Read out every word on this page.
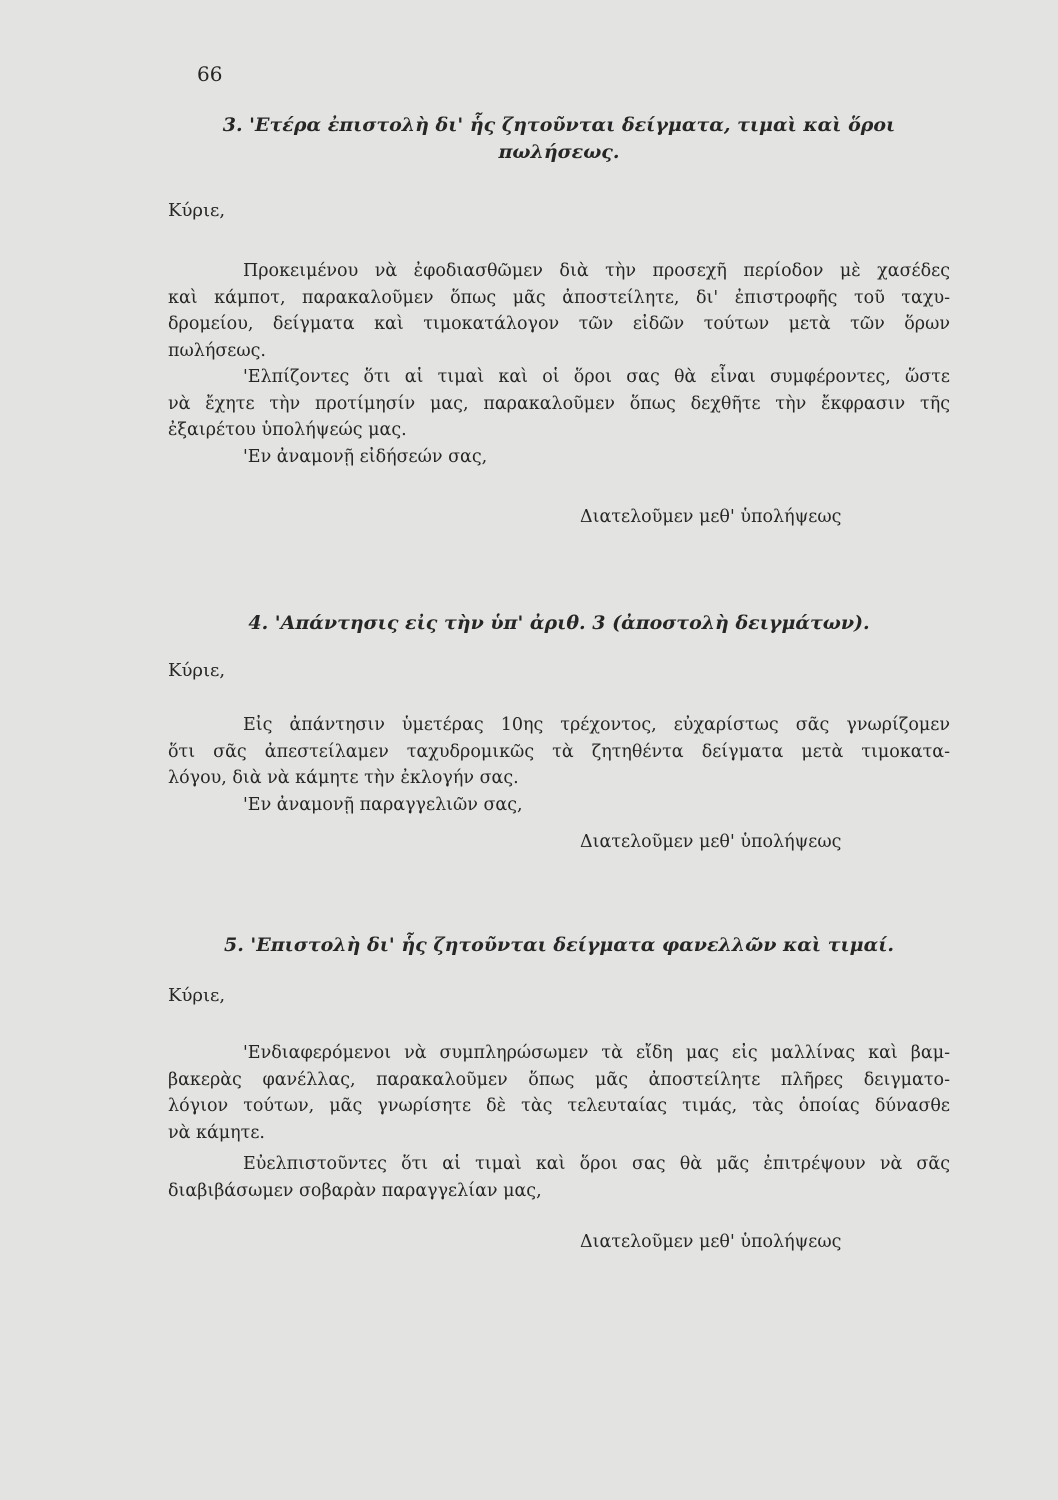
66
3. 'Ετέρα ἐπιστολὴ δι' ἧς ζητοῦνται δείγματα, τιμαὶ καὶ ὅροι
πωλήσεως.
Κύριε,
Προκειμένου νὰ ἐφοδιασθῶμεν διὰ τὴν προσεχῆ περίοδον μὲ χασέδες
καὶ κάμποτ, παρακαλοῦμεν ὅπως μᾶς ἀποστείλητε, δι' ἐπιστροφῆς τοῦ ταχυ-
δρομείου, δείγματα καὶ τιμοκατάλογον τῶν εἰδῶν τούτων μετὰ τῶν ὅρων
πωλήσεως.
'Ελπίζοντες ὅτι αἱ τιμαὶ καὶ οἱ ὅροι σας θὰ εἶναι συμφέροντες, ὥστε
νὰ ἔχητε τὴν προτίμησίν μας, παρακαλοῦμεν ὅπως δεχθῆτε τὴν ἔκφρασιν τῆς
ἐξαιρέτου ὑπολήψεώς μας.
'Εν ἀναμονῇ εἰδήσεών σας,
Διατελοῦμεν μεθ' ὑπολήψεως
4. 'Απάντησις εἰς τὴν ὑπ' ἀριθ. 3 (ἀποστολὴ δειγμάτων).
Κύριε,
Εἰς ἀπάντησιν ὑμετέρας 10ης τρέχοντος, εὐχαρίστως σᾶς γνωρίζομεν
ὅτι σᾶς ἀπεστείλαμεν ταχυδρομικῶς τὰ ζητηθέντα δείγματα μετὰ τιμοκατα-
λόγου, διὰ νὰ κάμητε τὴν ἐκλογήν σας.
'Εν ἀναμονῇ παραγγελιῶν σας,
Διατελοῦμεν μεθ' ὑπολήψεως
5. 'Επιστολὴ δι' ἧς ζητοῦνται δείγματα φανελλῶν καὶ τιμαί.
Κύριε,
'Ενδιαφερόμενοι νὰ συμπληρώσωμεν τὰ εἴδη μας εἰς μαλλίνας καὶ βαμ-
βακερὰς φανέλλας, παρακαλοῦμεν ὅπως μᾶς ἀποστείλητε πλῆρες δειγματο-
λόγιον τούτων, μᾶς γνωρίσητε δὲ τὰς τελευταίας τιμάς, τὰς ὁποίας δύνασθε
νὰ κάμητε.
Εὐελπιστοῦντες ὅτι αἱ τιμαὶ καὶ ὅροι σας θὰ μᾶς ἐπιτρέψουν νὰ σᾶς
διαβιβάσωμεν σοβαρὰν παραγγελίαν μας,
Διατελοῦμεν μεθ' ὑπολήψεως
